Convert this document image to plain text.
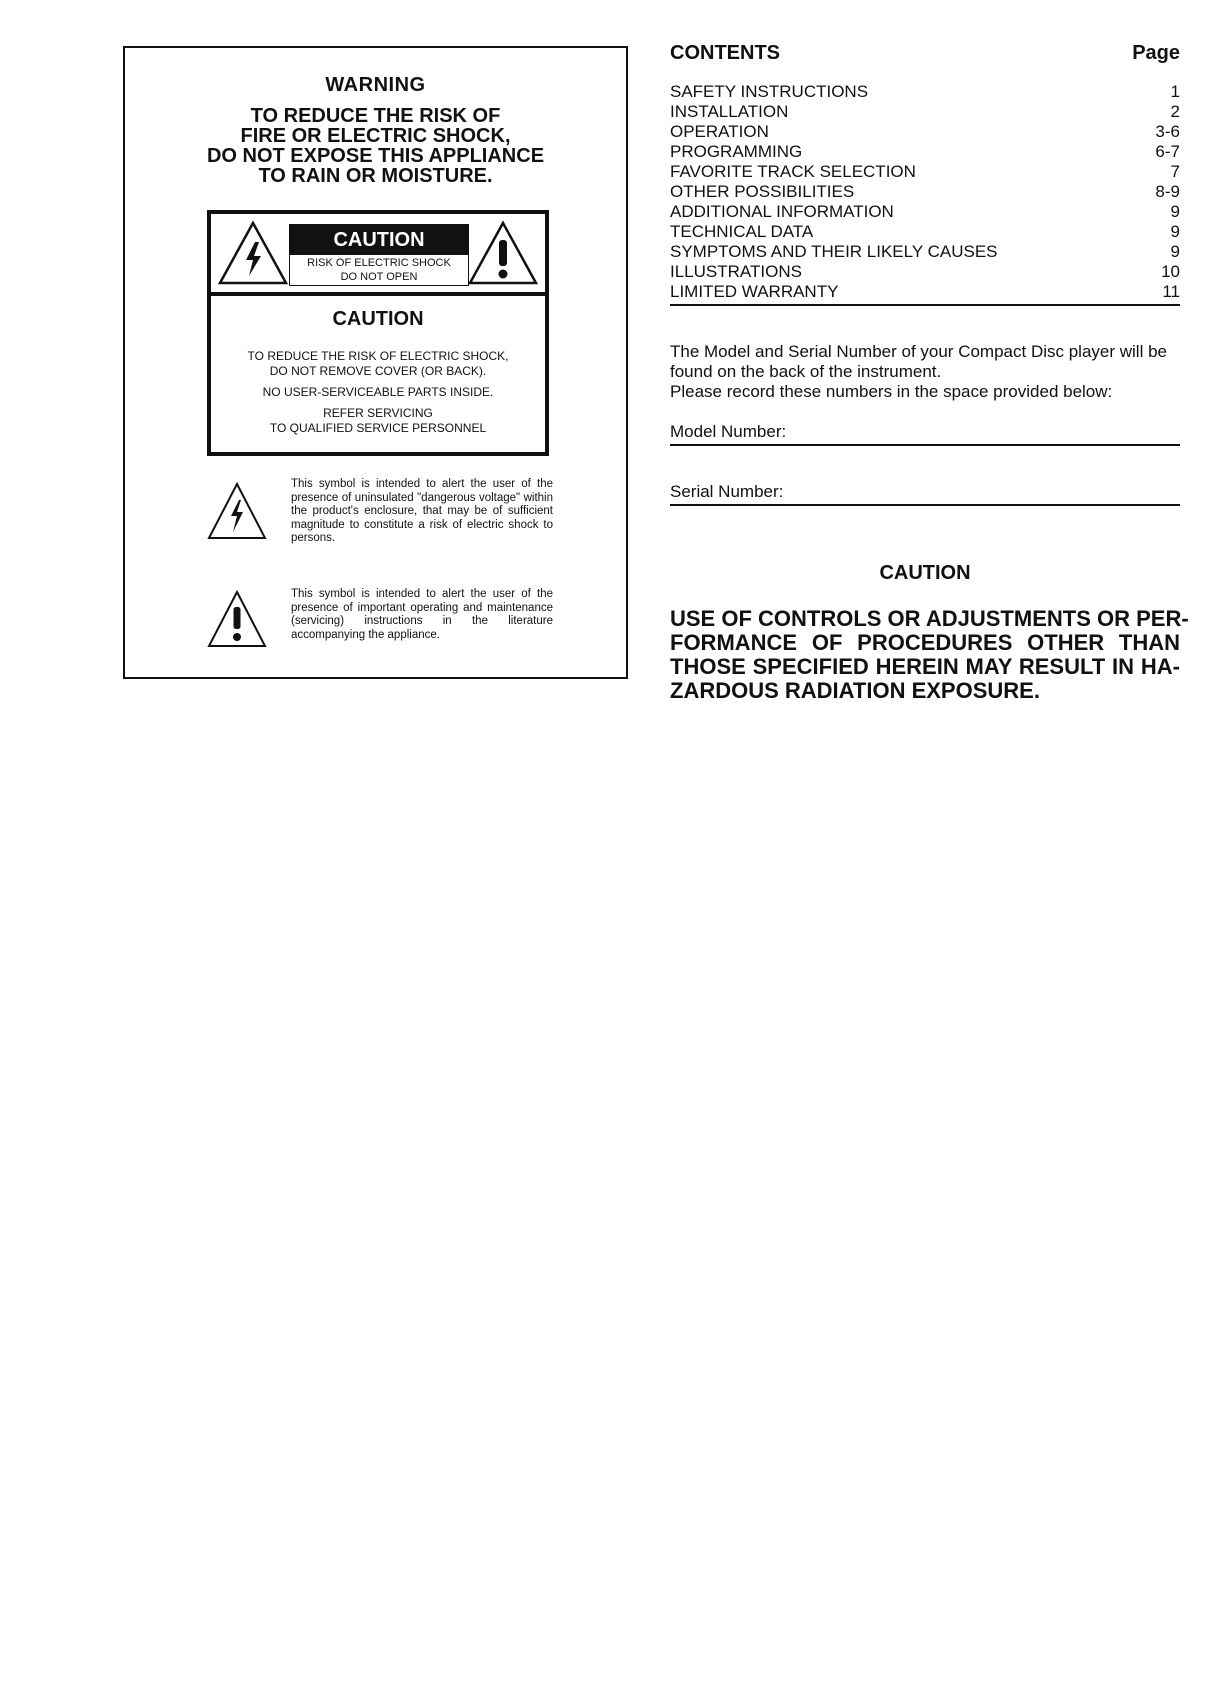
WARNING
TO REDUCE THE RISK OF
FIRE OR ELECTRIC SHOCK,
DO NOT EXPOSE THIS APPLIANCE
TO RAIN OR MOISTURE.
CAUTION
RISK OF ELECTRIC SHOCK
DO NOT OPEN
CAUTION
TO REDUCE THE RISK OF ELECTRIC SHOCK,
DO NOT REMOVE COVER (OR BACK).
NO USER-SERVICEABLE PARTS INSIDE.
REFER SERVICING
TO QUALIFIED SERVICE PERSONNEL
This symbol is intended to alert the user of the presence of uninsulated "dangerous voltage" within the product's enclosure, that may be of sufficient magnitude to constitute a risk of electric shock to persons.
This symbol is intended to alert the user of the presence of important operating and maintenance (servicing) instructions in the literature accompanying the appliance.
CONTENTS	Page
SAFETY INSTRUCTIONS	1
INSTALLATION	2
OPERATION	3-6
PROGRAMMING	6-7
FAVORITE TRACK SELECTION	7
OTHER POSSIBILITIES	8-9
ADDITIONAL INFORMATION	9
TECHNICAL DATA	9
SYMPTOMS AND THEIR LIKELY CAUSES	9
ILLUSTRATIONS	10
LIMITED WARRANTY	11
The Model and Serial Number of your Compact Disc player will be
found on the back of the instrument.
Please record these numbers in the space provided below:
Model Number:
Serial Number:
CAUTION
USE OF CONTROLS OR ADJUSTMENTS OR PER-
FORMANCE OF PROCEDURES OTHER THAN
THOSE SPECIFIED HEREIN MAY RESULT IN HA-
ZARDOUS RADIATION EXPOSURE.
